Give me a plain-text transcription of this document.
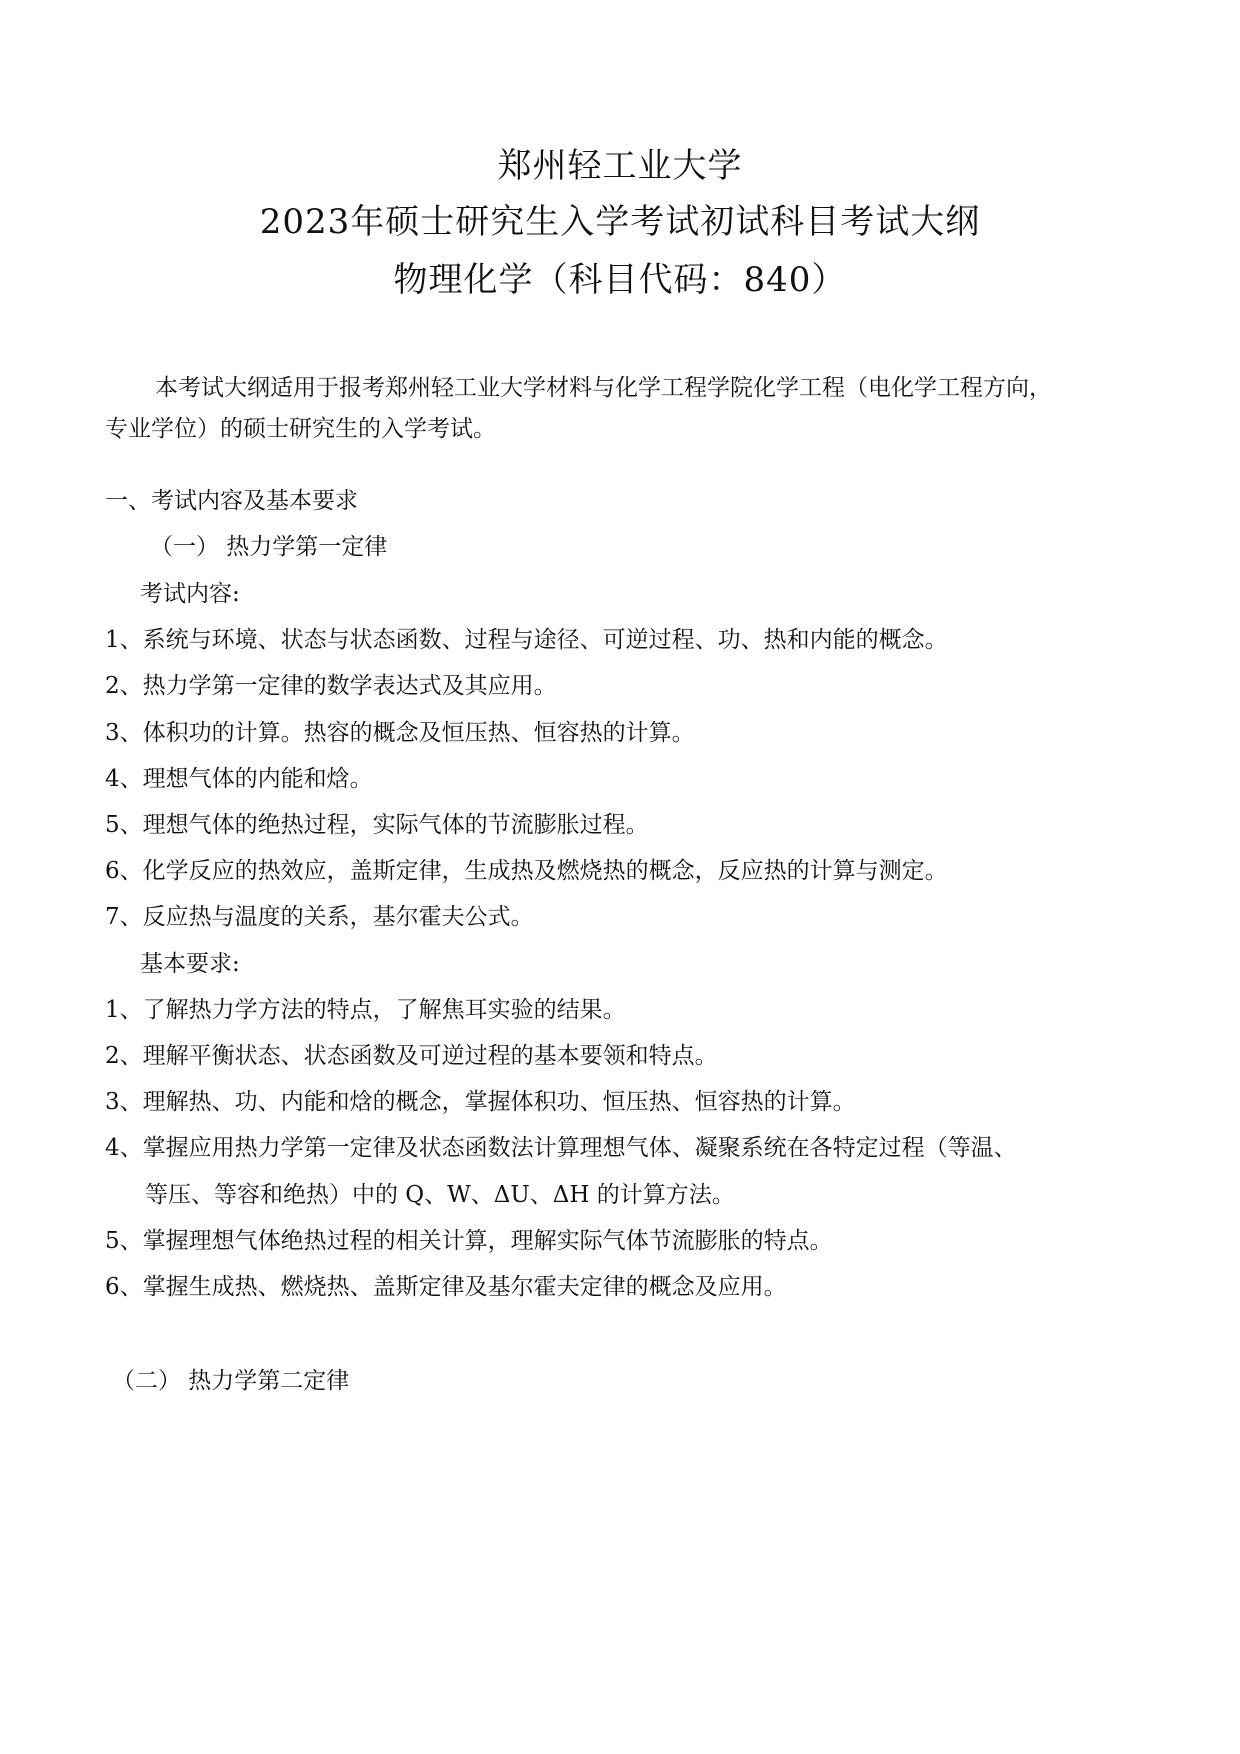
郑州轻工业大学
2023年硕士研究生入学考试初试科目考试大纲
物理化学（科目代码：840）
本考试大纲适用于报考郑州轻工业大学材料与化学工程学院化学工程（电化学工程方向，
专业学位）的硕士研究生的入学考试。
一、考试内容及基本要求
（一） 热力学第一定律
考试内容:
1、系统与环境、状态与状态函数、过程与途径、可逆过程、功、热和内能的概念。
2、热力学第一定律的数学表达式及其应用。
3、体积功的计算。热容的概念及恒压热、恒容热的计算。
4、理想气体的内能和焓。
5、理想气体的绝热过程，实际气体的节流膨胀过程。
6、化学反应的热效应，盖斯定律，生成热及燃烧热的概念，反应热的计算与测定。
7、反应热与温度的关系，基尔霍夫公式。
基本要求:
1、了解热力学方法的特点，了解焦耳实验的结果。
2、理解平衡状态、状态函数及可逆过程的基本要领和特点。
3、理解热、功、内能和焓的概念，掌握体积功、恒压热、恒容热的计算。
4、掌握应用热力学第一定律及状态函数法计算理想气体、凝聚系统在各特定过程（等温、
等压、等容和绝热）中的 Q、W、ΔU、ΔH 的计算方法。
5、掌握理想气体绝热过程的相关计算，理解实际气体节流膨胀的特点。
6、掌握生成热、燃烧热、盖斯定律及基尔霍夫定律的概念及应用。
（二） 热力学第二定律
